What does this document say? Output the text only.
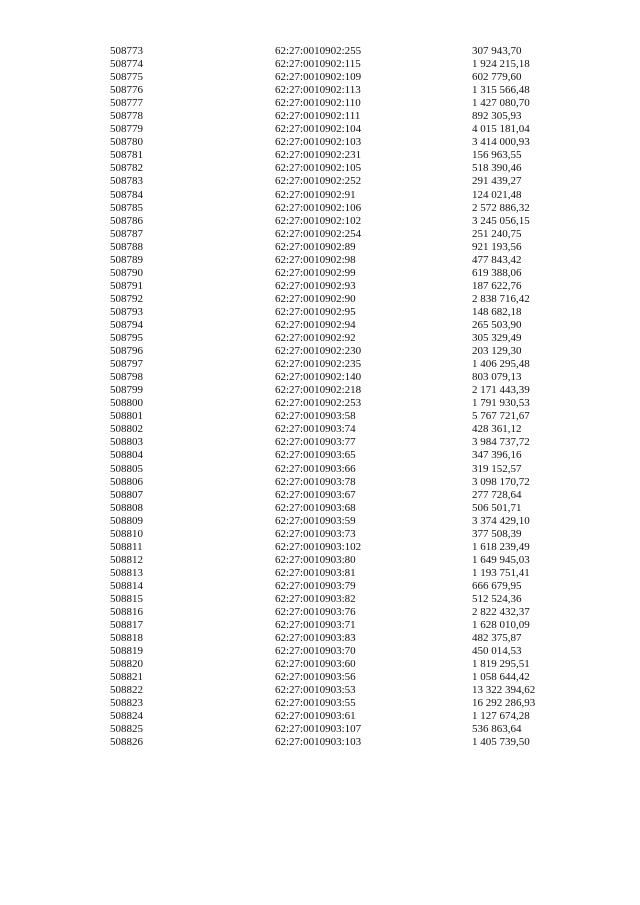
508773	62:27:0010902:255	307 943,70
508774	62:27:0010902:115	1 924 215,18
508775	62:27:0010902:109	602 779,60
508776	62:27:0010902:113	1 315 566,48
508777	62:27:0010902:110	1 427 080,70
508778	62:27:0010902:111	892 305,93
508779	62:27:0010902:104	4 015 181,04
508780	62:27:0010902:103	3 414 000,93
508781	62:27:0010902:231	156 963,55
508782	62:27:0010902:105	518 390,46
508783	62:27:0010902:252	291 439,27
508784	62:27:0010902:91	124 021,48
508785	62:27:0010902:106	2 572 886,32
508786	62:27:0010902:102	3 245 056,15
508787	62:27:0010902:254	251 240,75
508788	62:27:0010902:89	921 193,56
508789	62:27:0010902:98	477 843,42
508790	62:27:0010902:99	619 388,06
508791	62:27:0010902:93	187 622,76
508792	62:27:0010902:90	2 838 716,42
508793	62:27:0010902:95	148 682,18
508794	62:27:0010902:94	265 503,90
508795	62:27:0010902:92	305 329,49
508796	62:27:0010902:230	203 129,30
508797	62:27:0010902:235	1 406 295,48
508798	62:27:0010902:140	803 079,13
508799	62:27:0010902:218	2 171 443,39
508800	62:27:0010902:253	1 791 930,53
508801	62:27:0010903:58	5 767 721,67
508802	62:27:0010903:74	428 361,12
508803	62:27:0010903:77	3 984 737,72
508804	62:27:0010903:65	347 396,16
508805	62:27:0010903:66	319 152,57
508806	62:27:0010903:78	3 098 170,72
508807	62:27:0010903:67	277 728,64
508808	62:27:0010903:68	506 501,71
508809	62:27:0010903:59	3 374 429,10
508810	62:27:0010903:73	377 508,39
508811	62:27:0010903:102	1 618 239,49
508812	62:27:0010903:80	1 649 945,03
508813	62:27:0010903:81	1 193 751,41
508814	62:27:0010903:79	666 679,95
508815	62:27:0010903:82	512 524,36
508816	62:27:0010903:76	2 822 432,37
508817	62:27:0010903:71	1 628 010,09
508818	62:27:0010903:83	482 375,87
508819	62:27:0010903:70	450 014,53
508820	62:27:0010903:60	1 819 295,51
508821	62:27:0010903:56	1 058 644,42
508822	62:27:0010903:53	13 322 394,62
508823	62:27:0010903:55	16 292 286,93
508824	62:27:0010903:61	1 127 674,28
508825	62:27:0010903:107	536 863,64
508826	62:27:0010903:103	1 405 739,50
